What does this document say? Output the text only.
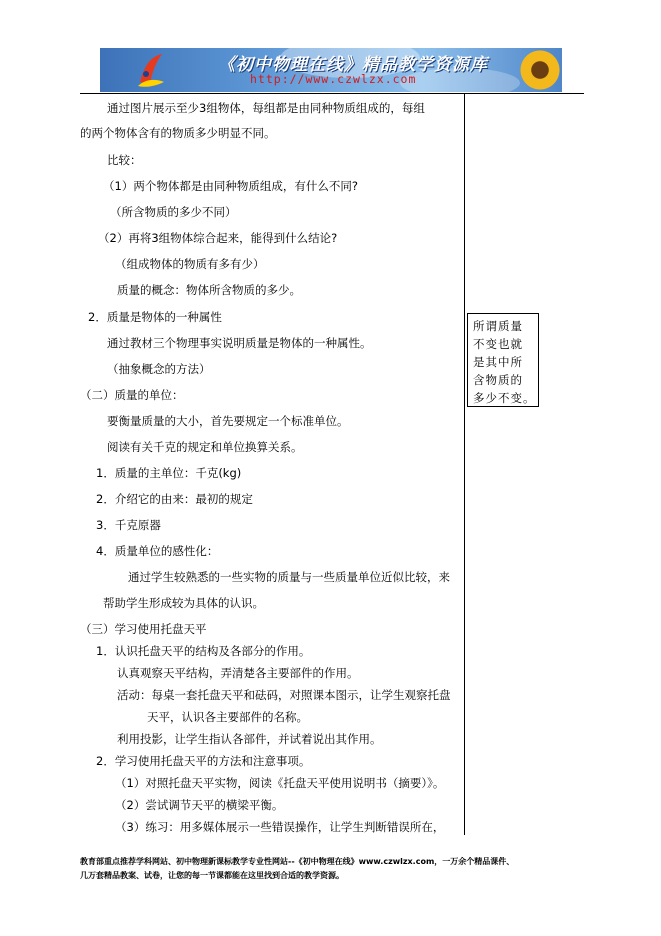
《初中物理在线》精品教学资源库
http://www.czwlzx.com
通过图片展示至少3组物体，每组都是由同种物质组成的，每组
的两个物体含有的物质多少明显不同。
比较：
（1）两个物体都是由同种物质组成，有什么不同?
（所含物质的多少不同）
（2）再将3组物体综合起来，能得到什么结论?
（组成物体的物质有多有少）
质量的概念：物体所含物质的多少。
2．质量是物体的一种属性
通过教材三个物理事实说明质量是物体的一种属性。
（抽象概念的方法）
（二）质量的单位：
要衡量质量的大小，首先要规定一个标准单位。
阅读有关千克的规定和单位换算关系。
1．质量的主单位：千克(kg)
2．介绍它的由来：最初的规定
3．千克原器
4．质量单位的感性化：
通过学生较熟悉的一些实物的质量与一些质量单位近似比较，来
帮助学生形成较为具体的认识。
（三）学习使用托盘天平
1．认识托盘天平的结构及各部分的作用。
认真观察天平结构，弄清楚各主要部件的作用。
活动：每桌一套托盘天平和砝码，对照课本图示，让学生观察托盘
天平，认识各主要部件的名称。
利用投影，让学生指认各部件，并试着说出其作用。
2．学习使用托盘天平的方法和注意事项。
（1）对照托盘天平实物，阅读《托盘天平使用说明书（摘要）》。
（2）尝试调节天平的横梁平衡。
（3）练习：用多媒体展示一些错误操作，让学生判断错误所在，
所谓质量
不变也就
是其中所
含物质的
多少不变。
教育部重点推荐学科网站、初中物理新课标教学专业性网站--《初中物理在线》www.czwlzx.com，一万余个精品课件、
几万套精品教案、试卷，让您的每一节课都能在这里找到合适的教学资源。
